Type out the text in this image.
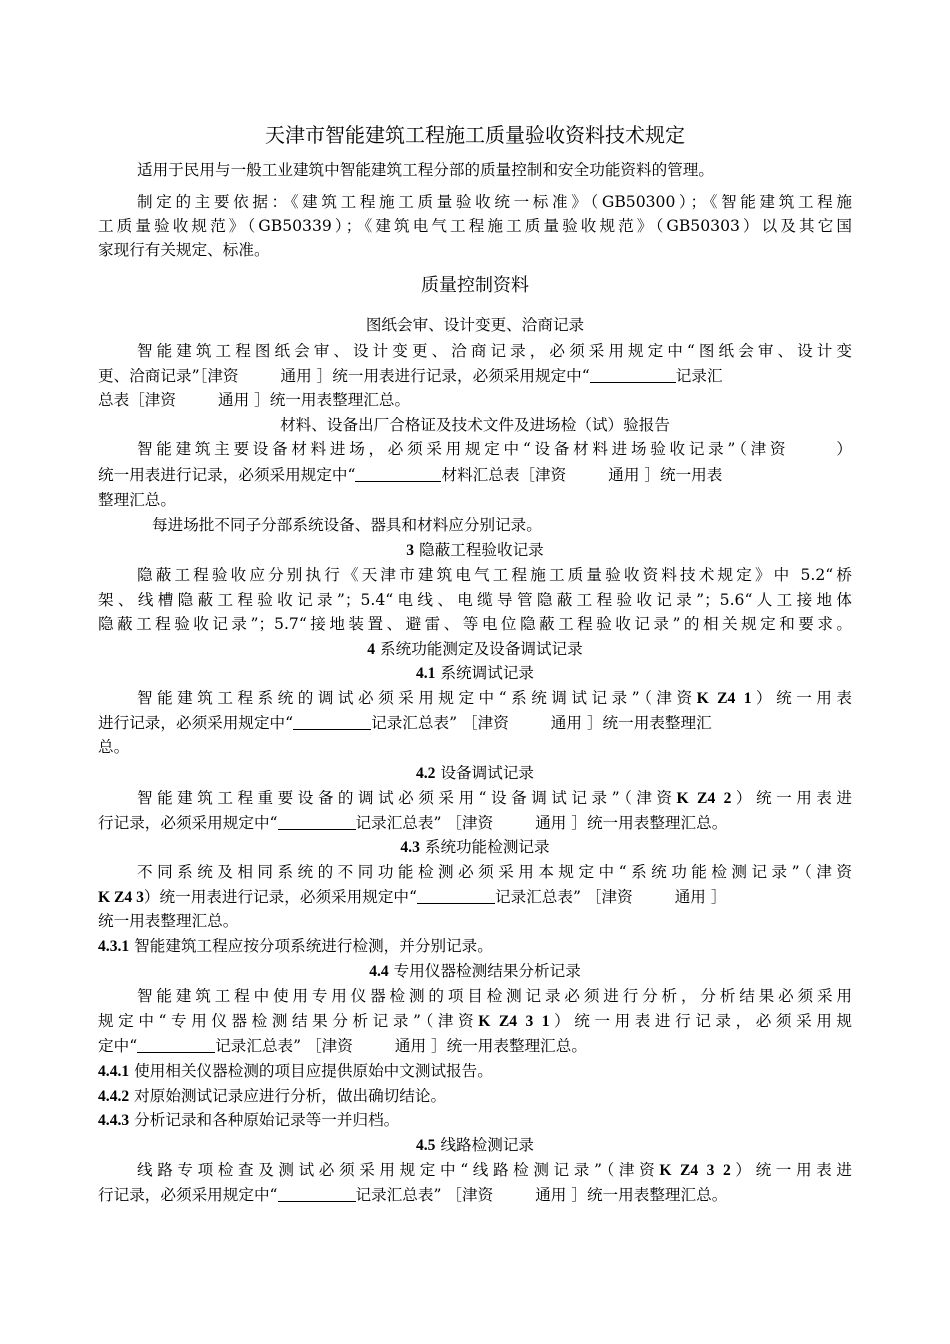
天津市智能建筑工程施工质量验收资料技术规定
适用于民用与一般工业建筑中智能建筑工程分部的质量控制和安全功能资料的管理。
制定的主要依据：《建筑工程施工质量验收统一标准》（GB50300）；《智能建筑工程施
工质量验收规范》（GB50339）；《建筑电气工程施工质量验收规范》（GB50303）以及其它国
家现行有关规定、标准。
质量控制资料
图纸会审、设计变更、洽商记录
智能建筑工程图纸会审、设计变更、洽商记录，必须采用规定中“图纸会审、设计变
更、洽商记录”［津资	通用 ］统一用表进行记录，必须采用规定中“	记录汇
总表［津资	通用 ］统一用表整理汇总。
材料、设备出厂合格证及技术文件及进场检（试）验报告
智能建筑主要设备材料进场，必须采用规定中“设备材料进场验收记录”（津资　　 ）
统一用表进行记录，必须采用规定中“	材料汇总表［津资	通用 ］统一用表
整理汇总。
每进场批不同子分部系统设备、器具和材料应分别记录。
3 隐蔽工程验收记录
隐蔽工程验收应分别执行《天津市建筑电气工程施工质量验收资料技术规定》中 5.2“桥
架、线槽隐蔽工程验收记录”；5.4“电线、电缆导管隐蔽工程验收记录”；5.6“人工接地体
隐蔽工程验收记录”；5.7“接地装置、避雷、等电位隐蔽工程验收记录”的相关规定和要求。
4 系统功能测定及设备调试记录
4.1 系统调试记录
智能建筑工程系统的调试必须采用规定中“系统调试记录”（津资K Z4 1）统一用表
进行记录，必须采用规定中“	记录汇总表” ［津资	通用 ］统一用表整理汇
总。
4.2 设备调试记录
智能建筑工程重要设备的调试必须采用“设备调试记录”（津资K Z4 2）统一用表进
行记录，必须采用规定中“	记录汇总表” ［津资	通用 ］统一用表整理汇总。
4.3 系统功能检测记录
不同系统及相同系统的不同功能检测必须采用本规定中“系统功能检测记录”（津资
K Z4 3）统一用表进行记录，必须采用规定中“	记录汇总表” ［津资	通用 ］
统一用表整理汇总。
4.3.1 智能建筑工程应按分项系统进行检测，并分别记录。
4.4 专用仪器检测结果分析记录
智能建筑工程中使用专用仪器检测的项目检测记录必须进行分析，分析结果必须采用
规定中“专用仪器检测结果分析记录”（津资K Z4 3 1）统一用表进行记录，必须采用规
定中“	记录汇总表” ［津资	通用 ］统一用表整理汇总。
4.4.1 使用相关仪器检测的项目应提供原始中文测试报告。
4.4.2 对原始测试记录应进行分析，做出确切结论。
4.4.3 分析记录和各种原始记录等一并归档。
4.5 线路检测记录
线路专项检查及测试必须采用规定中“线路检测记录”（津资K Z4 3 2）统一用表进
行记录，必须采用规定中“	记录汇总表” ［津资	通用 ］统一用表整理汇总。
